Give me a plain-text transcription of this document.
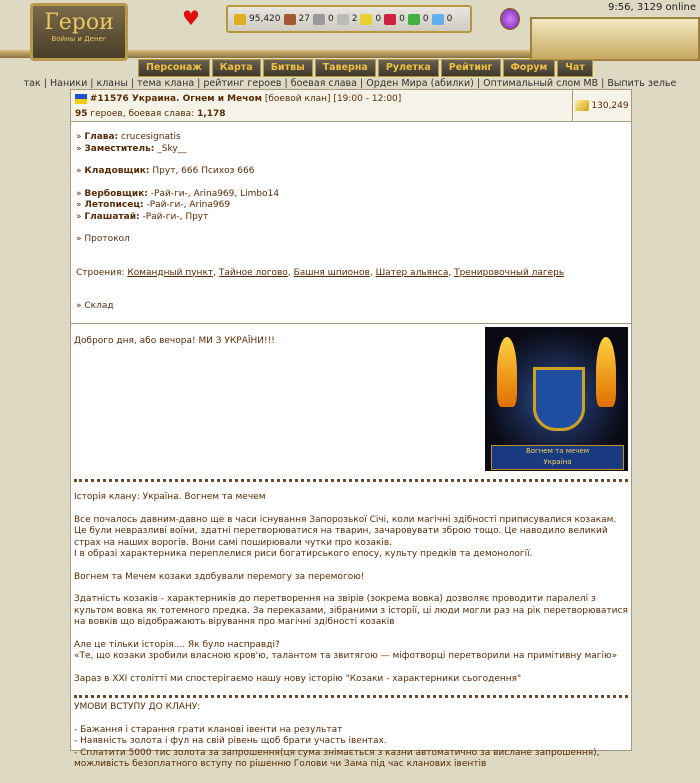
Герои
Войны и Денег
♥	95,420 27 0 2 0 0 0 0
9:56, 3129 online
Персонаж	Карта	Битвы	Таверна	Рулетка	Рейтинг	Форум	Чат
так | Наники | кланы | тема клана | рейтинг героев | боевая слава | Орден Мира (абилки) | Оптимальный слом МВ | Выпить зелье
#11576 Украина. Огнем и Мечом [боевой клан] [19:00 - 12:00]
95 героев, боевая слава: 1,178
130,249

» Глава: crucesignatis

» Заместитель: _Sky__

» Кладовщик: Прут, 666 Психоз 666

» Вербовщик: -Рай-ги-, Arina969, Limbo14

» Летописец: -Рай-ги-, Arina969

» Глашатай: -Рай-ги-, Прут

» Протокол

Строения: Командный пункт, Тайное логово, Башня шпионов, Шатер альянса, Тренировочный лагерь

» Склад

Вогнем та мечем
Україна

Доброго дня, або вечора! МИ З УКРАЇНИ!!!

Історія клану: Україна. Вогнем та мечем

Все почалось давним-давно ще в часи існування Запорозької Січі, коли магічні здібності приписувалися козакам. Це були невразливі воїни, здатні перетворюватися на тварин, зачаровувати зброю тощо. Це наводило великий страх на наших ворогів. Вони самі поширювали чутки про козаків.

І в образі характерника переплелися риси богатирського епосу, культу предків та демонології.

Вогнем та Мечем козаки здобували перемогу за перемогою!

Здатність козаків - характерників до перетворення на звірів (зокрема вовка) дозволяє проводити паралелі з культом вовка як тотемного предка. За переказами, зібраними з історії, ці люди могли раз на рік перетворюватися на вовків що відображають вірування про магічні здібності козаків

Але це тільки історія.... Як було насправді?

«Те, що козаки зробили власною кров'ю, талантом та звитягою — міфотворці перетворили на примітивну магію»

Зараз в XXI столітті ми спостерігаємо нашу нову історію "Козаки - характерники сьогодення"

УМОВИ ВСТУПУ ДО КЛАНУ:

- Бажання і старання грати кланові івенти на результат

- Наявність золота і фул на свій рівень щоб брати участь івентах.

- Сплатити 5000 тис золота за запрошення(ця сума знімається з казни автоматично за вислане запрошення), можливість безоплатного вступу по рішенню Голови чи Зама під час кланових івентів
